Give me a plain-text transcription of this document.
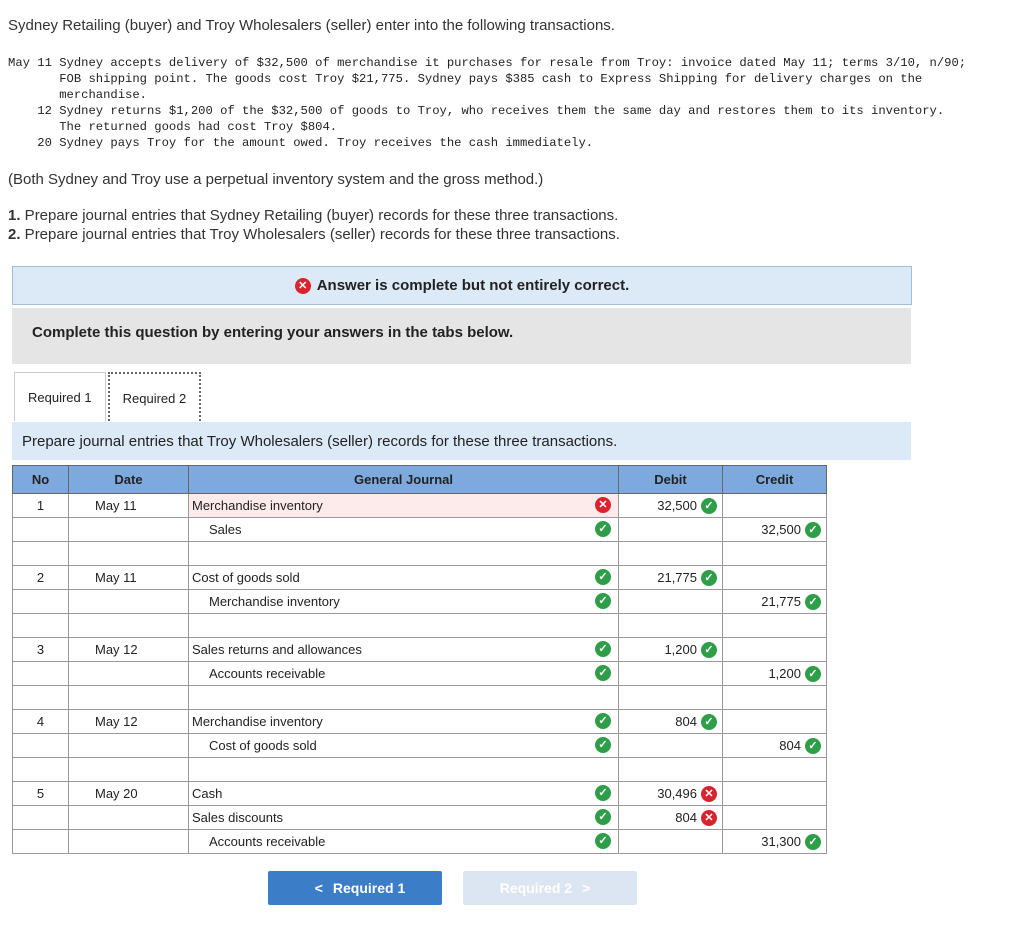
Sydney Retailing (buyer) and Troy Wholesalers (seller) enter into the following transactions.
May 11 Sydney accepts delivery of $32,500 of merchandise it purchases for resale from Troy: invoice dated May 11; terms 3/10, n/90;
FOB shipping point. The goods cost Troy $21,775. Sydney pays $385 cash to Express Shipping for delivery charges on the
merchandise.
12 Sydney returns $1,200 of the $32,500 of goods to Troy, who receives them the same day and restores them to its inventory.
The returned goods had cost Troy $804.
20 Sydney pays Troy for the amount owed. Troy receives the cash immediately.
(Both Sydney and Troy use a perpetual inventory system and the gross method.)
1. Prepare journal entries that Sydney Retailing (buyer) records for these three transactions.
2. Prepare journal entries that Troy Wholesalers (seller) records for these three transactions.
✕ Answer is complete but not entirely correct.
Complete this question by entering your answers in the tabs below.
Required 1	Required 2
Prepare journal entries that Troy Wholesalers (seller) records for these three transactions.
No	Date	General Journal	Debit	Credit
1	May 11	Merchandise inventory ✕	32,500 ✓	

		Sales ✓		32,500 ✓

2	May 11	Cost of goods sold ✓	21,775 ✓	

		Merchandise inventory ✓		21,775 ✓

3	May 12	Sales returns and allowances ✓	1,200 ✓	

		Accounts receivable ✓		1,200 ✓

4	May 12	Merchandise inventory ✓	804 ✓	

		Cost of goods sold ✓		804 ✓

5	May 20	Cash ✓	30,496 ✕	

		Sales discounts ✓	804 ✕	

		Accounts receivable ✓		31,300 ✓
< Required 1	Required 2 >
